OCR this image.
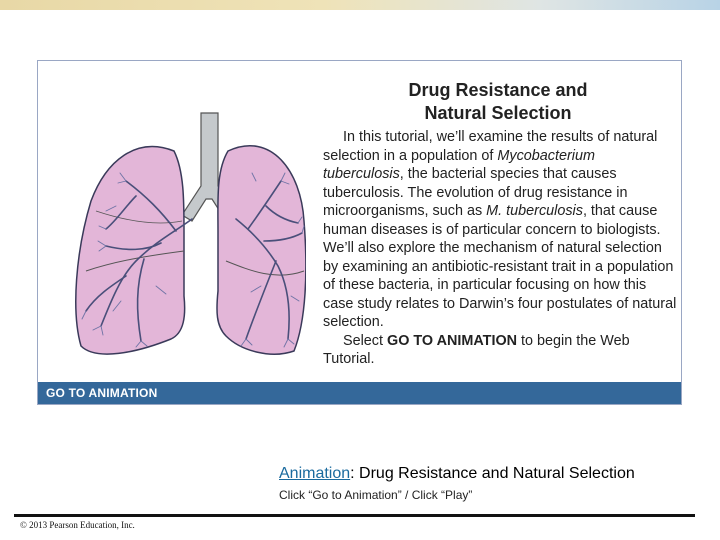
Drug Resistance and
Natural Selection

In this tutorial, we’ll examine the results of natural selection in a population of Mycobacterium tuberculosis, the bacterial species that causes tuberculosis. The evolution of drug resistance in microorganisms, such as M. tuberculosis, that cause human diseases is of particular concern to biologists. We’ll also explore the mechanism of natural selection by examining an antibiotic-resistant trait in a population of these bacteria, in particular focusing on how this case study relates to Darwin’s four postulates of natural selection.

Select GO TO ANIMATION to begin the Web Tutorial.

GO TO ANIMATION
Animation: Drug Resistance and Natural Selection
Click “Go to Animation” / Click “Play”
© 2013 Pearson Education, Inc.
